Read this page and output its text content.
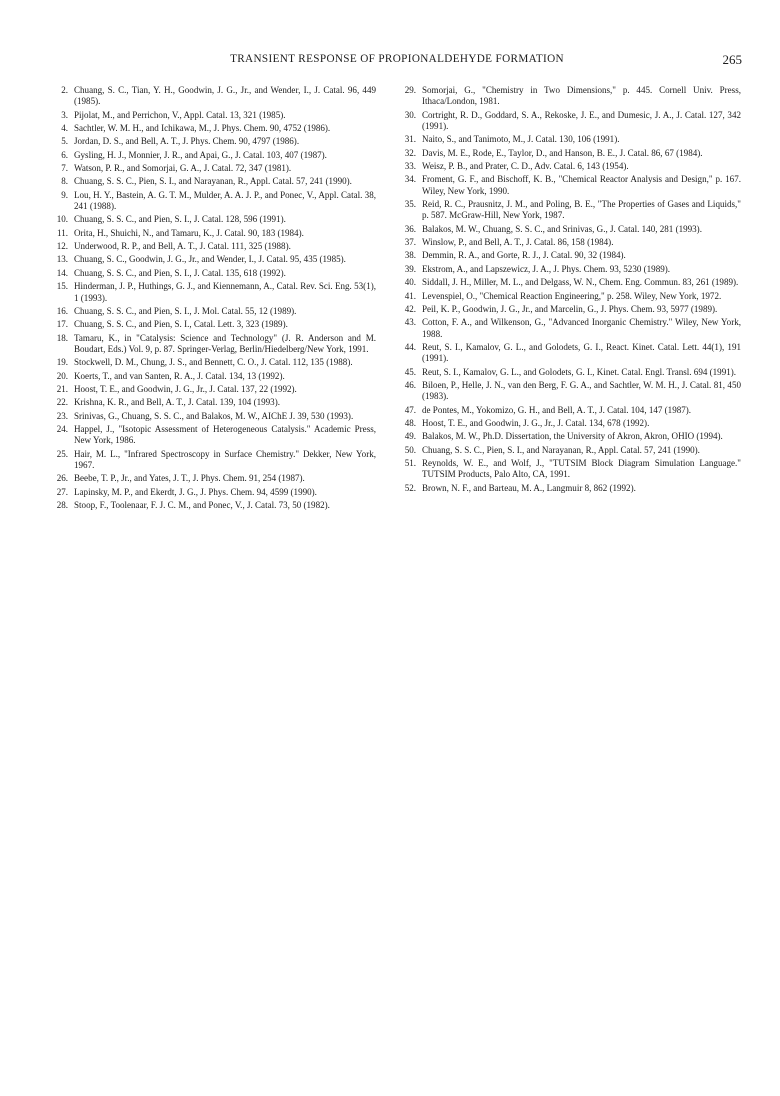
TRANSIENT RESPONSE OF PROPIONALDEHYDE FORMATION	265
2. Chuang, S. C., Tian, Y. H., Goodwin, J. G., Jr., and Wender, I., J. Catal. 96, 449 (1985).
3. Pijolat, M., and Perrichon, V., Appl. Catal. 13, 321 (1985).
4. Sachtler, W. M. H., and Ichikawa, M., J. Phys. Chem. 90, 4752 (1986).
5. Jordan, D. S., and Bell, A. T., J. Phys. Chem. 90, 4797 (1986).
6. Gysling, H. J., Monnier, J. R., and Apai, G., J. Catal. 103, 407 (1987).
7. Watson, P. R., and Somorjai, G. A., J. Catal. 72, 347 (1981).
8. Chuang, S. S. C., Pien, S. I., and Narayanan, R., Appl. Catal. 57, 241 (1990).
9. Lou, H. Y., Bastein, A. G. T. M., Mulder, A. A. J. P., and Ponec, V., Appl. Catal. 38, 241 (1988).
10. Chuang, S. S. C., and Pien, S. I., J. Catal. 128, 596 (1991).
11. Orita, H., Shuichi, N., and Tamaru, K., J. Catal. 90, 183 (1984).
12. Underwood, R. P., and Bell, A. T., J. Catal. 111, 325 (1988).
13. Chuang, S. C., Goodwin, J. G., Jr., and Wender, I., J. Catal. 95, 435 (1985).
14. Chuang, S. S. C., and Pien, S. I., J. Catal. 135, 618 (1992).
15. Hinderman, J. P., Huthings, G. J., and Kiennemann, A., Catal. Rev. Sci. Eng. 53(1), 1 (1993).
16. Chuang, S. S. C., and Pien, S. I., J. Mol. Catal. 55, 12 (1989).
17. Chuang, S. S. C., and Pien, S. I., Catal. Lett. 3, 323 (1989).
18. Tamaru, K., in "Catalysis: Science and Technology" (J. R. Anderson and M. Boudart, Eds.) Vol. 9, p. 87. Springer-Verlag, Berlin/Hiedelberg/New York, 1991.
19. Stockwell, D. M., Chung, J. S., and Bennett, C. O., J. Catal. 112, 135 (1988).
20. Koerts, T., and van Santen, R. A., J. Catal. 134, 13 (1992).
21. Hoost, T. E., and Goodwin, J. G., Jr., J. Catal. 137, 22 (1992).
22. Krishna, K. R., and Bell, A. T., J. Catal. 139, 104 (1993).
23. Srinivas, G., Chuang, S. S. C., and Balakos, M. W., AIChE J. 39, 530 (1993).
24. Happel, J., "Isotopic Assessment of Heterogeneous Catalysis." Academic Press, New York, 1986.
25. Hair, M. L., "Infrared Spectroscopy in Surface Chemistry." Dekker, New York, 1967.
26. Beebe, T. P., Jr., and Yates, J. T., J. Phys. Chem. 91, 254 (1987).
27. Lapinsky, M. P., and Ekerdt, J. G., J. Phys. Chem. 94, 4599 (1990).
28. Stoop, F., Toolenaar, F. J. C. M., and Ponec, V., J. Catal. 73, 50 (1982).
29. Somorjai, G., "Chemistry in Two Dimensions," p. 445. Cornell Univ. Press, Ithaca/London, 1981.
30. Cortright, R. D., Goddard, S. A., Rekoske, J. E., and Dumesic, J. A., J. Catal. 127, 342 (1991).
31. Naito, S., and Tanimoto, M., J. Catal. 130, 106 (1991).
32. Davis, M. E., Rode, E., Taylor, D., and Hanson, B. E., J. Catal. 86, 67 (1984).
33. Weisz, P. B., and Prater, C. D., Adv. Catal. 6, 143 (1954).
34. Froment, G. F., and Bischoff, K. B., "Chemical Reactor Analysis and Design," p. 167. Wiley, New York, 1990.
35. Reid, R. C., Prausnitz, J. M., and Poling, B. E., "The Properties of Gases and Liquids," p. 587. McGraw-Hill, New York, 1987.
36. Balakos, M. W., Chuang, S. S. C., and Srinivas, G., J. Catal. 140, 281 (1993).
37. Winslow, P., and Bell, A. T., J. Catal. 86, 158 (1984).
38. Demmin, R. A., and Gorte, R. J., J. Catal. 90, 32 (1984).
39. Ekstrom, A., and Lapszewicz, J. A., J. Phys. Chem. 93, 5230 (1989).
40. Siddall, J. H., Miller, M. L., and Delgass, W. N., Chem. Eng. Commun. 83, 261 (1989).
41. Levenspiel, O., "Chemical Reaction Engineering," p. 258. Wiley, New York, 1972.
42. Peil, K. P., Goodwin, J. G., Jr., and Marcelin, G., J. Phys. Chem. 93, 5977 (1989).
43. Cotton, F. A., and Wilkenson, G., "Advanced Inorganic Chemistry." Wiley, New York, 1988.
44. Reut, S. I., Kamalov, G. L., and Golodets, G. I., React. Kinet. Catal. Lett. 44(1), 191 (1991).
45. Reut, S. I., Kamalov, G. L., and Golodets, G. I., Kinet. Catal. Engl. Transl. 694 (1991).
46. Biloen, P., Helle, J. N., van den Berg, F. G. A., and Sachtler, W. M. H., J. Catal. 81, 450 (1983).
47. de Pontes, M., Yokomizo, G. H., and Bell, A. T., J. Catal. 104, 147 (1987).
48. Hoost, T. E., and Goodwin, J. G., Jr., J. Catal. 134, 678 (1992).
49. Balakos, M. W., Ph.D. Dissertation, the University of Akron, Akron, OHIO (1994).
50. Chuang, S. S. C., Pien, S. I., and Narayanan, R., Appl. Catal. 57, 241 (1990).
51. Reynolds, W. E., and Wolf, J., "TUTSIM Block Diagram Simulation Language." TUTSIM Products, Palo Alto, CA, 1991.
52. Brown, N. F., and Barteau, M. A., Langmuir 8, 862 (1992).
